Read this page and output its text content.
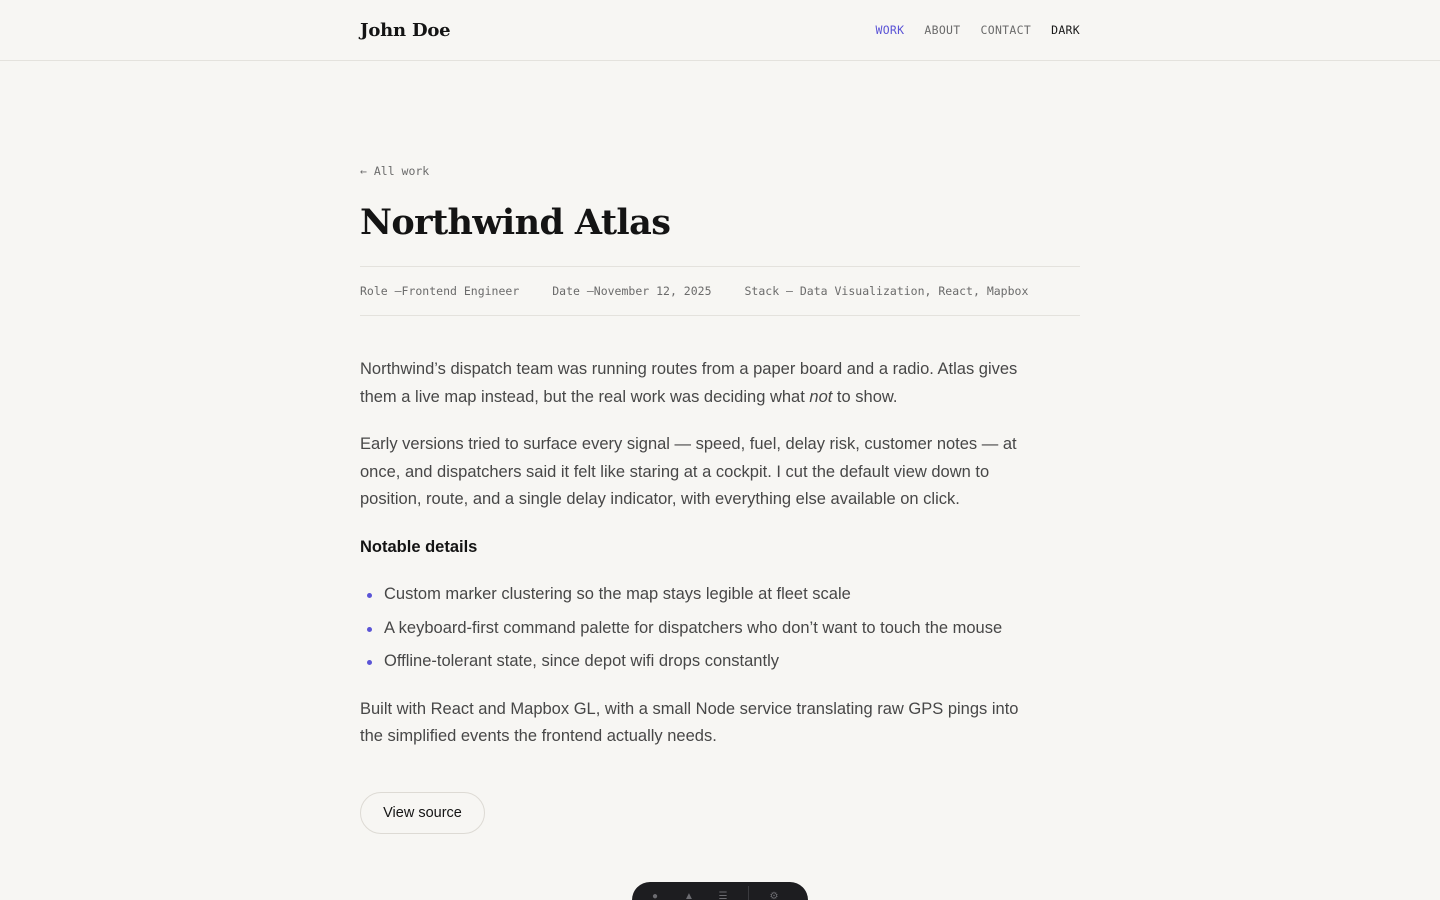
John Doe	WORK ABOUT CONTACT DARK
← All work
Northwind Atlas
Role —Frontend Engineer	Date —November 12, 2025	Stack — Data Visualization, React, Mapbox

Northwind’s dispatch team was running routes from a paper board and a radio. Atlas gives them a live map instead, but the real work was deciding what not to show.

Early versions tried to surface every signal — speed, fuel, delay risk, customer notes — at once, and dispatchers said it felt like staring at a cockpit. I cut the default view down to position, route, and a single delay indicator, with everything else available on click.

Notable details
Custom marker clustering so the map stays legible at fleet scale
A keyboard-first command palette for dispatchers who don’t want to touch the mouse
Offline-tolerant state, since depot wifi drops constantly

Built with React and Mapbox GL, with a small Node service translating raw GPS pings into the simplified events the frontend actually needs.

View source
●	▲	☰	⚙
